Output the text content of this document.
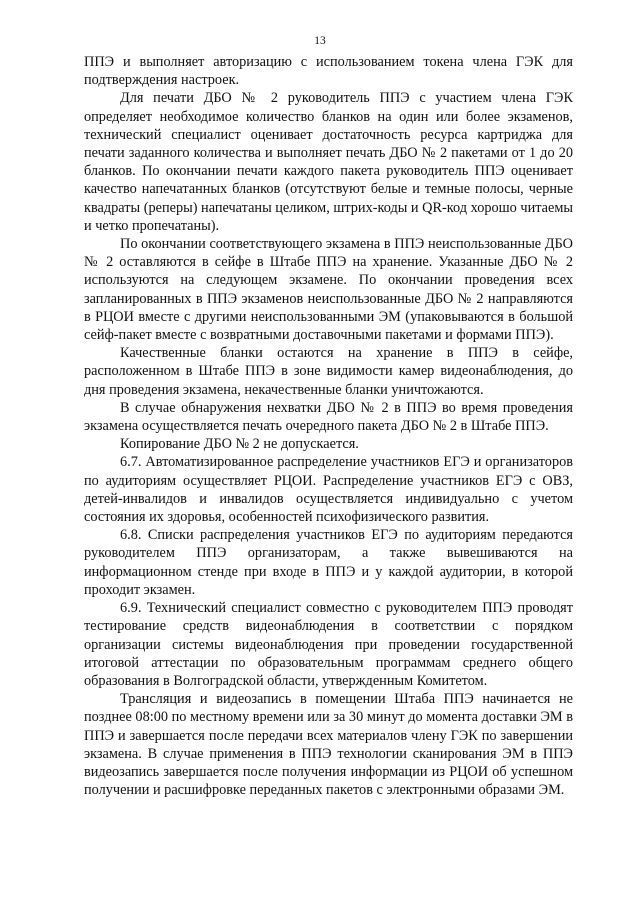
13

ППЭ и выполняет авторизацию с использованием токена члена ГЭК для подтверждения настроек.

Для печати ДБО № 2 руководитель ППЭ с участием члена ГЭК определяет необходимое количество бланков на один или более экзаменов, технический специалист оценивает достаточность ресурса картриджа для печати заданного количества и выполняет печать ДБО № 2 пакетами от 1 до 20 бланков. По окончании печати каждого пакета руководитель ППЭ оценивает качество напечатанных бланков (отсутствуют белые и темные полосы, черные квадраты (реперы) напечатаны целиком, штрих-коды и QR-код хорошо читаемы и четко пропечатаны).

По окончании соответствующего экзамена в ППЭ неиспользованные ДБО № 2 оставляются в сейфе в Штабе ППЭ на хранение. Указанные ДБО № 2 используются на следующем экзамене. По окончании проведения всех запланированных в ППЭ экзаменов неиспользованные ДБО № 2 направляются в РЦОИ вместе с другими неиспользованными ЭМ (упаковываются в большой сейф-пакет вместе с возвратными доставочными пакетами и формами ППЭ).

Качественные бланки остаются на хранение в ППЭ в сейфе, расположенном в Штабе ППЭ в зоне видимости камер видеонаблюдения, до дня проведения экзамена, некачественные бланки уничтожаются.

В случае обнаружения нехватки ДБО № 2 в ППЭ во время проведения экзамена осуществляется печать очередного пакета ДБО № 2 в Штабе ППЭ.

Копирование ДБО № 2 не допускается.

6.7. Автоматизированное распределение участников ЕГЭ и организаторов по аудиториям осуществляет РЦОИ. Распределение участников ЕГЭ с ОВЗ, детей-инвалидов и инвалидов осуществляется индивидуально с учетом состояния их здоровья, особенностей психофизического развития.

6.8. Списки распределения участников ЕГЭ по аудиториям передаются руководителем ППЭ организаторам, а также вывешиваются на информационном стенде при входе в ППЭ и у каждой аудитории, в которой проходит экзамен.

6.9. Технический специалист совместно с руководителем ППЭ проводят тестирование средств видеонаблюдения в соответствии с порядком организации системы видеонаблюдения при проведении государственной итоговой аттестации по образовательным программам среднего общего образования в Волгоградской области, утвержденным Комитетом.

Трансляция и видеозапись в помещении Штаба ППЭ начинается не позднее 08:00 по местному времени или за 30 минут до момента доставки ЭМ в ППЭ и завершается после передачи всех материалов члену ГЭК по завершении экзамена. В случае применения в ППЭ технологии сканирования ЭМ в ППЭ видеозапись завершается после получения информации из РЦОИ об успешном получении и расшифровке переданных пакетов с электронными образами ЭМ.
